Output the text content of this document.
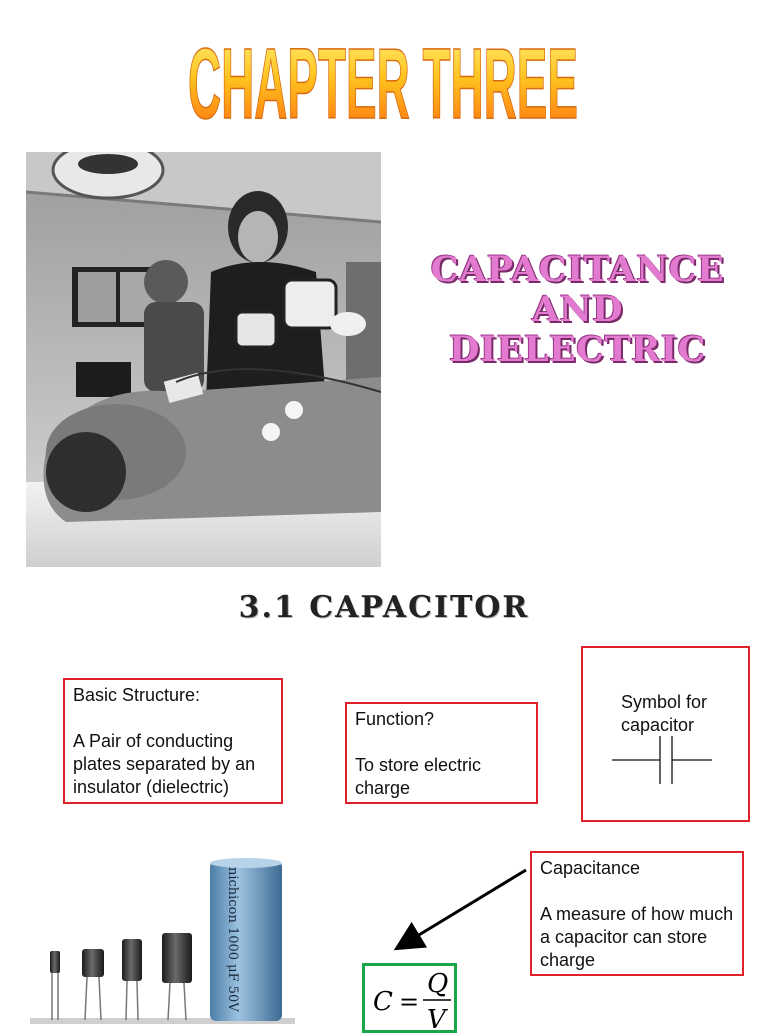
CHAPTER THREE
CAPACITANCE
AND DIELECTRIC
3.1 CAPACITOR
Basic Structure:

A Pair of conducting plates separated by an insulator (dielectric)
Function?

To store electric charge

Symbol for capacitor

Capacitance

A measure of how much a capacitor can store charge
nichicon 1000 μF 50V	C =
Q
V
